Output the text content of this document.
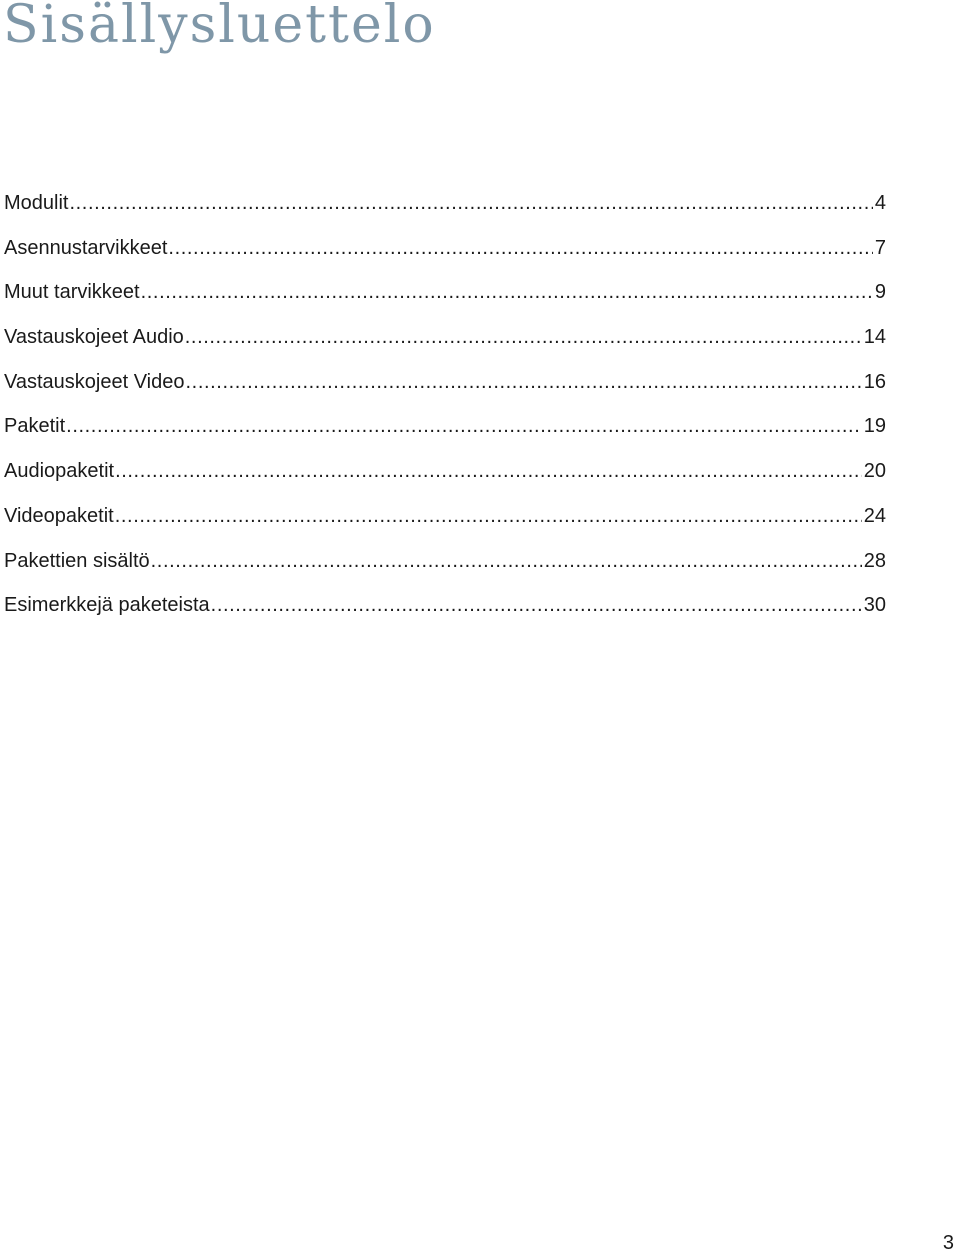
Sisällysluettelo
Modulit .....	4
Asennustarvikkeet .....	7
Muut tarvikkeet .....	9
Vastauskojeet Audio .....	14
Vastauskojeet Video .....	16
Paketit .....	19
Audiopaketit .....	20
Videopaketit .....	24
Pakettien sisältö .....	28
Esimerkkejä paketeista .....	30
3
